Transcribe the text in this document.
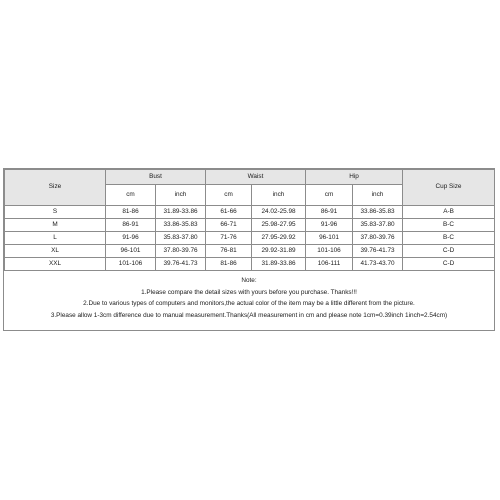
Size	Bust		Waist		Hip		Cup Size
	cm	inch	cm	inch	cm	inch	
S	81-86	31.89-33.86	61-66	24.02-25.98	86-91	33.86-35.83	A-B
M	86-91	33.86-35.83	66-71	25.98-27.95	91-96	35.83-37.80	B-C
L	91-96	35.83-37.80	71-76	27.95-29.92	96-101	37.80-39.76	B-C
XL	96-101	37.80-39.76	76-81	29.92-31.89	101-106	39.76-41.73	C-D
XXL	101-106	39.76-41.73	81-86	31.89-33.86	106-111	41.73-43.70	C-D
Note:
1.Please compare the detail sizes with yours before you purchase. Thanks!!!
2.Due to various types of computers and monitors,the actual color of the item may be a little different from the picture.
3.Please allow 1-3cm difference due to manual measurement.Thanks(All measurement in cm and please note 1cm=0.39inch 1inch=2.54cm)
